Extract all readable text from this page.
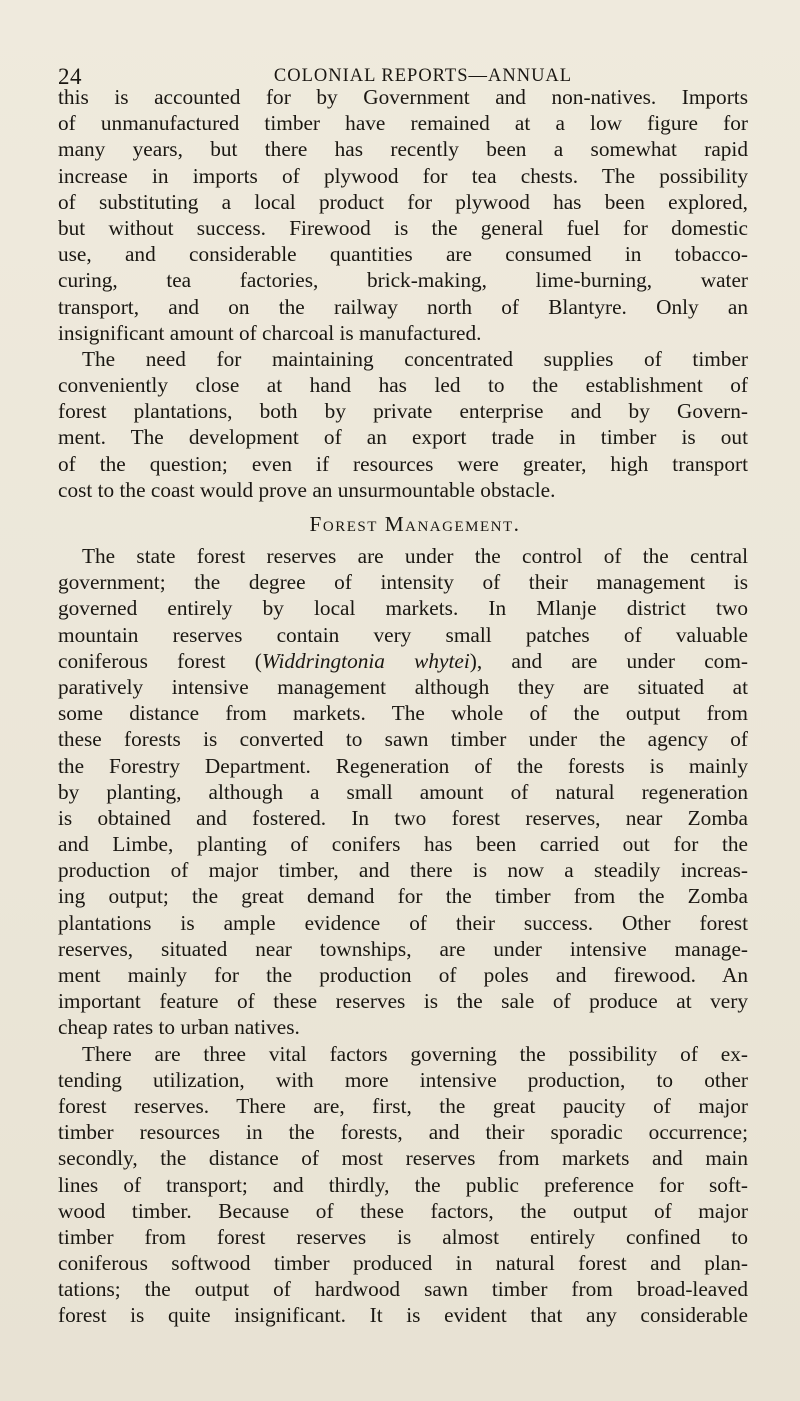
24	COLONIAL REPORTS—ANNUAL
this is accounted for by Government and non-natives. Imports
of unmanufactured timber have remained at a low figure for
many years, but there has recently been a somewhat rapid
increase in imports of plywood for tea chests. The possibility
of substituting a local product for plywood has been explored,
but without success. Firewood is the general fuel for domestic
use, and considerable quantities are consumed in tobacco-
curing, tea factories, brick-making, lime-burning, water
transport, and on the railway north of Blantyre. Only an
insignificant amount of charcoal is manufactured.
The need for maintaining concentrated supplies of timber
conveniently close at hand has led to the establishment of
forest plantations, both by private enterprise and by Govern-
ment. The development of an export trade in timber is out
of the question; even if resources were greater, high transport
cost to the coast would prove an unsurmountable obstacle.
Forest Management.
The state forest reserves are under the control of the central
government; the degree of intensity of their management is
governed entirely by local markets. In Mlanje district two
mountain reserves contain very small patches of valuable
coniferous forest (Widdringtonia whytei), and are under com-
paratively intensive management although they are situated at
some distance from markets. The whole of the output from
these forests is converted to sawn timber under the agency of
the Forestry Department. Regeneration of the forests is mainly
by planting, although a small amount of natural regeneration
is obtained and fostered. In two forest reserves, near Zomba
and Limbe, planting of conifers has been carried out for the
production of major timber, and there is now a steadily increas-
ing output; the great demand for the timber from the Zomba
plantations is ample evidence of their success. Other forest
reserves, situated near townships, are under intensive manage-
ment mainly for the production of poles and firewood. An
important feature of these reserves is the sale of produce at very
cheap rates to urban natives.
There are three vital factors governing the possibility of ex-
tending utilization, with more intensive production, to other
forest reserves. There are, first, the great paucity of major
timber resources in the forests, and their sporadic occurrence;
secondly, the distance of most reserves from markets and main
lines of transport; and thirdly, the public preference for soft-
wood timber. Because of these factors, the output of major
timber from forest reserves is almost entirely confined to
coniferous softwood timber produced in natural forest and plan-
tations; the output of hardwood sawn timber from broad-leaved
forest is quite insignificant. It is evident that any considerable
